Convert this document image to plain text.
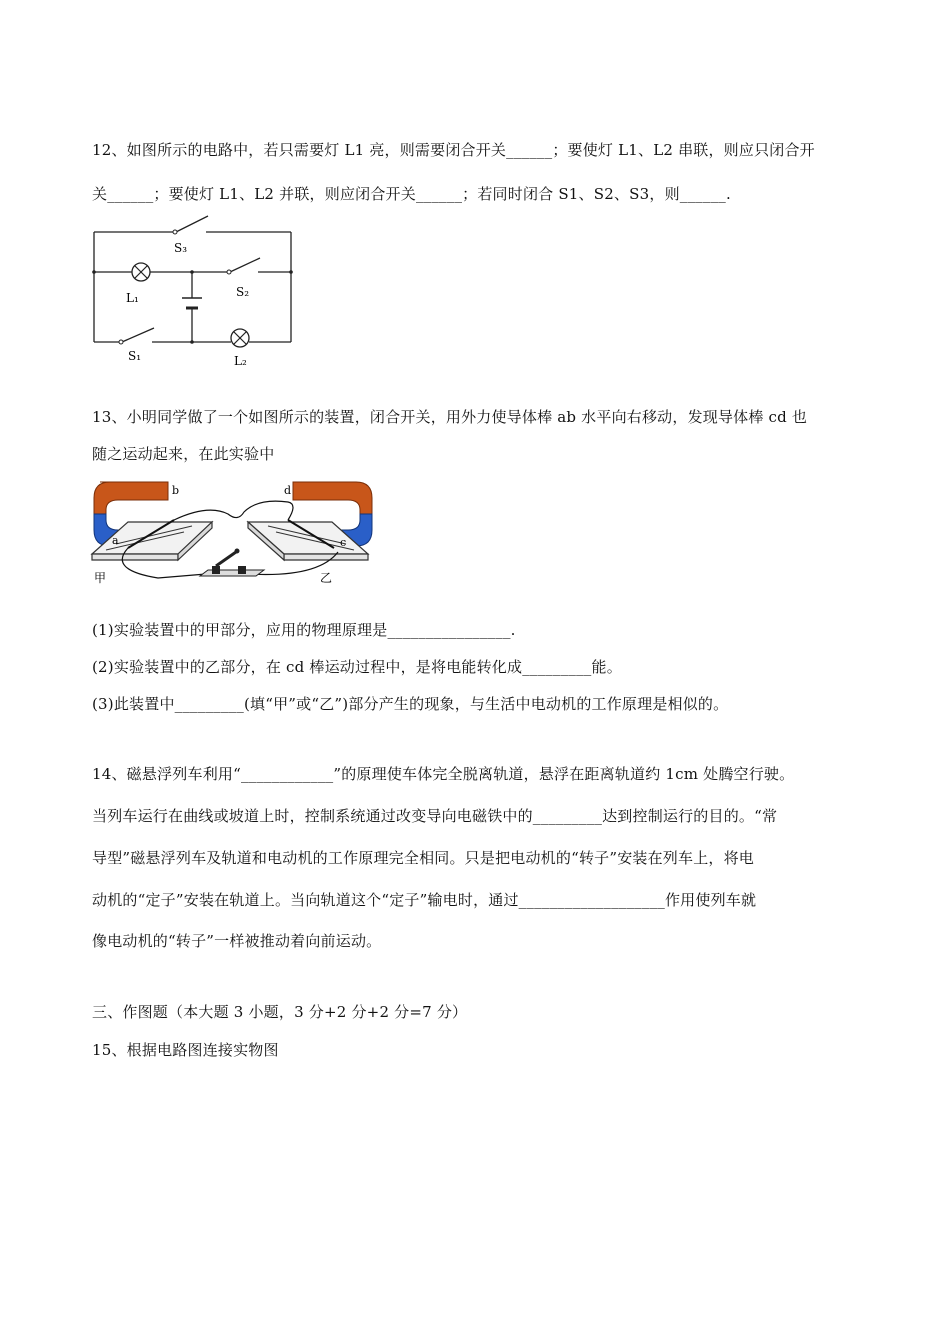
12、如图所示的电路中，若只需要灯 L1 亮，则需要闭合开关______；要使灯 L1、L2 串联，则应只闭合开
关______；要使灯 L1、L2 并联，则应闭合开关______；若同时闭合 S1、S2、S3，则______.
S₃
S₂
L₁
S₁	L₂
13、小明同学做了一个如图所示的装置，闭合开关，用外力使导体棒 ab 水平向右移动，发现导体棒 cd 也
随之运动起来，在此实验中
b
a
d
c
甲	乙
(1)实验装置中的甲部分，应用的物理原理是________________.
(2)实验装置中的乙部分，在 cd 棒运动过程中，是将电能转化成_________能。
(3)此装置中_________(填“甲”或“乙”)部分产生的现象，与生活中电动机的工作原理是相似的。
14、磁悬浮列车利用“____________”的原理使车体完全脱离轨道，悬浮在距离轨道约 1cm 处腾空行驶。
当列车运行在曲线或坡道上时，控制系统通过改变导向电磁铁中的_________达到控制运行的目的。“常
导型”磁悬浮列车及轨道和电动机的工作原理完全相同。只是把电动机的“转子”安装在列车上，将电
动机的“定子”安装在轨道上。当向轨道这个“定子”输电时，通过___________________作用使列车就
像电动机的“转子”一样被推动着向前运动。
三、作图题（本大题 3 小题，3 分+2 分+2 分=7 分）
15、根据电路图连接实物图
